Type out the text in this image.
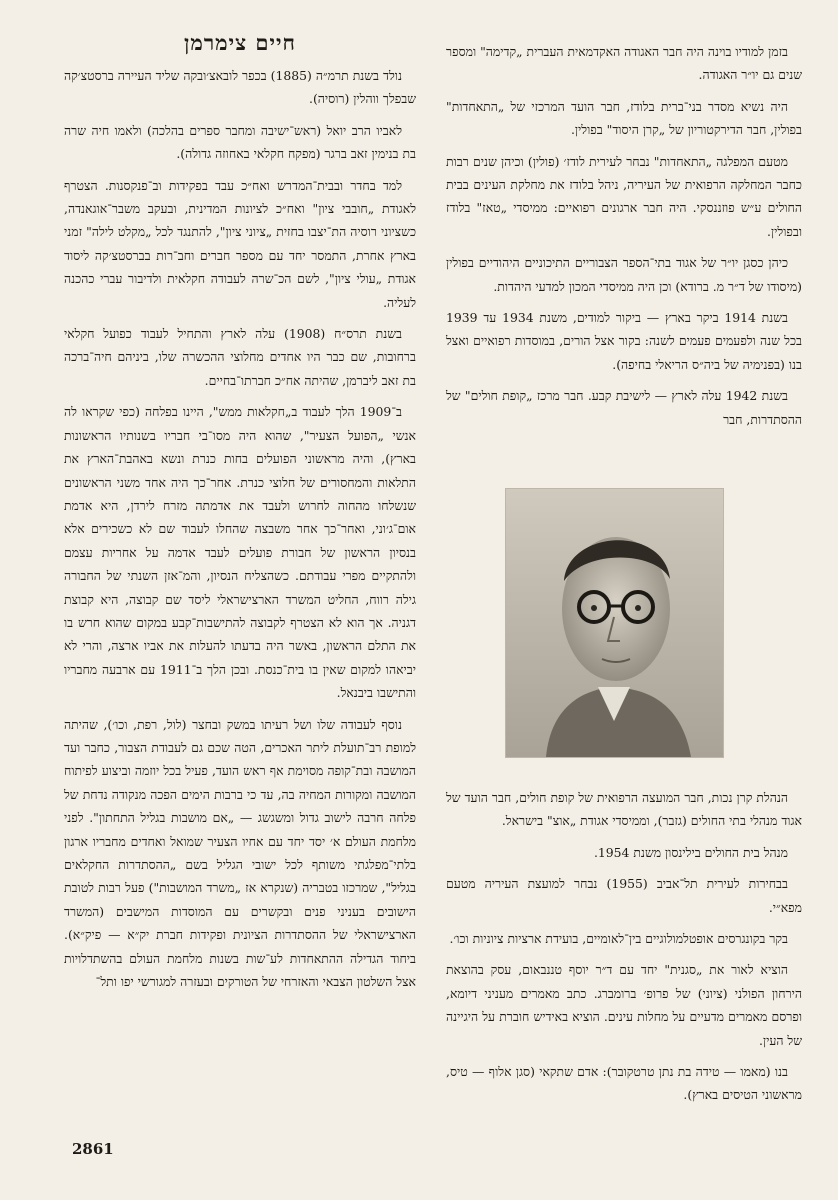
בזמן למודיו בוינה היה חבר האגודה האקדמאית העברית „קדימה" ומספר שנים גם יו״ר האגודה.

היה נשיא מסדר בני־ברית בלודז, חבר הועד המרכזי של „התאחדות" בפולין, חבר הדירקטוריון של „קרן היסוד" בפולין.

מטעם המפלגה „התאחדות" נבחר לעירית לודז׳ (פולין) וכיהן שנים רבות כחבר המחלקה הרפואית של העיריה, ניהל בלודז את מחלקת העינים בבית החולים ע״ש פוזננסקי. היה חבר ארגונים רפואיים: ממיסדי „טאז" בלודז ובפולין.

כיהן כסגן יו״ר של אגוד בתי־הספר הצבוריים התיכוניים היהודיים בפולין (מיסודו של ד״ר מ. ברודא) וכן היה ממיסדי המכון למדעי היהדות.

בשנת 1914 ביקר בארץ — ביקור למודים, משנת 1934 עד 1939 בכל שנה ולפעמים פעמים לשנה: בקור אצל הורים, במוסדות רפואיים ואצל בנו (בפנימיה של ביה״ס הריאלי בחיפה).

בשנת 1942 עלה לארץ — לישיבת קבע. חבר מרכז „קופת חולים" של ההסתדרות, חבר

הנהלת קרן נכות, חבר המועצה הרפואית של קופת חולים, חבר הועד של אגוד מנהלי בתי החולים (גזבר), וממיסדי אגודת „אוצ" בישראל.

מנהל בית החולים בילינסון משנת 1954.

בבחירות לעירית תל־אביב (1955) נבחר למועצת העיריה מטעם מפא״י.

בקר בקונגרסים אופטלמולוגיים בין־לאומיים, בועידת ארציות ציוניות וכו׳.

הוציא לאור את „סגנית" יחד עם ד״ר יוסף טננבאום, עסק בהוצאת הירחון הפולני (ציוני) של פרופ׳ ברומברג. כתב מאמרים מעניני דיומא, ופרסם מאמרים מדעיים על מחלות עינים. הוציא באידיש חוברת על היגיינה של העין.

בנו (מאמו — טידה בת נתן טרטקובר): אדם שתקאי (סגן אלוף — טיס, מראשוני הטיסים בארץ).

חיים צימרמן

נולד בשנת תרמ״ה (1885) בכפר לובאצ׳ובקה שליד העיירה ברסטצ׳קה שבפלך ווהלין (רוסיה).

לאביו הרב יואל (ראש־ישיבה ומחבר ספרים בהלכה) ולאמו חיה שרה בת בנימין זאב ברגר (מפקח חקלאי באחוזה גדולה).

למד בחדר ובבית־המדרש ואח״כ עבד בפקידות וב־פנקסנות. הצטרף לאגודת „חובבי ציון" ואח״כ לציונות המדינית, ובעקב משבר־אוגאנדה, כשציוני רוסיה הת־יצבו בחזית „ציוני ציון", להתנגד לכל „מקלט לילה" זמני בארץ אחרת, התמסר יחד עם מספר חברים וחב־רות בברסטצ׳קה ליסוד אגודת „עולי ציון", לשם הכ־שרה לעבודה חקלאית ולדיבור עברי כהכנה לעליה.

בשנת תרס״ח (1908) עלה לארץ והתחיל לעבוד כפועל חקלאי ברחובות, שם כבר היו אחדים מחלוצי ההכשרה שלו, ביניהם חיה־ברכה בת זאב ליברמן, שהיתה אח״כ חברתו־בחיים.

ב־1909 הלך לעבוד ב„חקלאות ממש", היינו בפלחה (כפי שקראו לה אנשי „הפועל הצעיר", שהוא היה מסו־בי חבריו בשנותיו הראשונות בארץ), והיה מראשוני הפועלים בחות כנרת ונשא באהבת־הארץ את התלאות והמחסורים של חלוצי כנרת. אחר־כך היה אחד משני הראשונים שנשלחו מהחוה לחרוש ולעבד את אדמתה מזרח לירדן, היא אדמת אום־ג׳וני, ואחר־כך אחר משבצה שהחלו לעבוד שם לא כשכירים אלא בנסיון הראשון של חבורת פועלים לעבד אדמה על אחריות עצמם ולהתקיים מפרי עבודתם. כשהצליח הנסיון, והמ־אזן השנתי של החבורה גילה רווח, החליט המשרד הארצישראלי ליסד שם קבוצה, היא קבוצת דגניה. אך הוא לא הצטרף לקבוצה להתישבות־קבע במקום שהוא חרש בו את התלם הראשון, באשר היה בדעתו להעלות את אביו ארצה, והרי לא יביאהו למקום שאין בו בית־כנסת. ובכן הלך ב־1911 עם ארבעה מחבריו והתישבו ביבנאל.

נוסף לעבודה שלו ושל רעיתו במשק ובחצר (לול, רפת, וכו׳), שהיתה למופת רב־תועלת ליתר האכרים, הטה שכם גם לעבודת הצבור, כחבר ועד המושבה ובת־קופה מסוימת אף ראש הועד, פעיל בכל יוזמה וביצוע לפיתוח המושבה ומקורות המחיה בה, עד כי ברבות הימים הפכה מנקודה נדחת של פלחה חרבה לישוב גדול ומשגשג — „אם מושבות בגליל התחתון". לפני מלחמת העולם א׳ יסד יחד עם אחיו הצעיר שמואל ואחדים מחבריו ארגון בלתי־מפלגתי משותף לכל ישובי הגליל בשם „ההסתדרות החקלאים בגליל", שמרכזו בטבריה (שנקרא אז „משרד המושבות") פעל רבות לטובת הישובים בעניני פנים ובקשרים עם המוסדות המישבים (המשרד הארצישראלי של ההסתדרות הציונית ופקידות חברת יק״א — פיק״א). ביחוד הגדילה ההתאחדות לע־שות בשנות מלחמת העולם בהשתדלויות אצל השלטון הצבאי והאזרחי של הטורקים ובעזרה למגורשי יפו ותל־

2861
